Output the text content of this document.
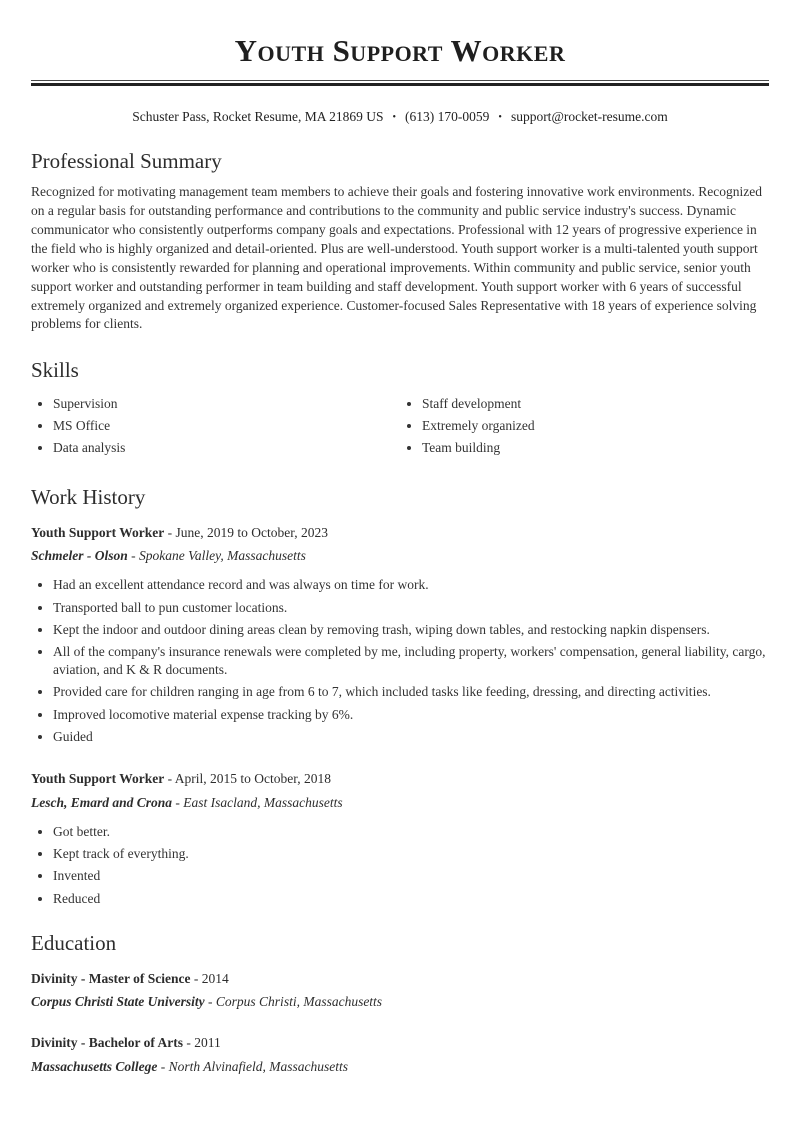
Youth Support Worker
Schuster Pass, Rocket Resume, MA 21869 US • (613) 170-0059 • support@rocket-resume.com
Professional Summary

Recognized for motivating management team members to achieve their goals and fostering innovative work environments. Recognized on a regular basis for outstanding performance and contributions to the community and public service industry's success. Dynamic communicator who consistently outperforms company goals and expectations. Professional with 12 years of progressive experience in the field who is highly organized and detail-oriented. Plus are well-understood. Youth support worker is a multi-talented youth support worker who is consistently rewarded for planning and operational improvements. Within community and public service, senior youth support worker and outstanding performer in team building and staff development. Youth support worker with 6 years of successful extremely organized and extremely organized experience. Customer-focused Sales Representative with 18 years of experience solving problems for clients.

Skills
• Supervision
• MS Office
• Data analysis
• Staff development
• Extremely organized
• Team building
Work History

Youth Support Worker - June, 2019 to October, 2023

Schmeler - Olson - Spokane Valley, Massachusetts

• Had an excellent attendance record and was always on time for work.
• Transported ball to pun customer locations.
• Kept the indoor and outdoor dining areas clean by removing trash, wiping down tables, and restocking napkin dispensers.
• All of the company's insurance renewals were completed by me, including property, workers' compensation, general liability, cargo, aviation, and K & R documents.
• Provided care for children ranging in age from 6 to 7, which included tasks like feeding, dressing, and directing activities.
• Improved locomotive material expense tracking by 6%.
• Guided

Youth Support Worker - April, 2015 to October, 2018

Lesch, Emard and Crona - East Isacland, Massachusetts

• Got better.
• Kept track of everything.
• Invented
• Reduced
Education

Divinity - Master of Science - 2014

Corpus Christi State University - Corpus Christi, Massachusetts

Divinity - Bachelor of Arts - 2011

Massachusetts College - North Alvinafield, Massachusetts
